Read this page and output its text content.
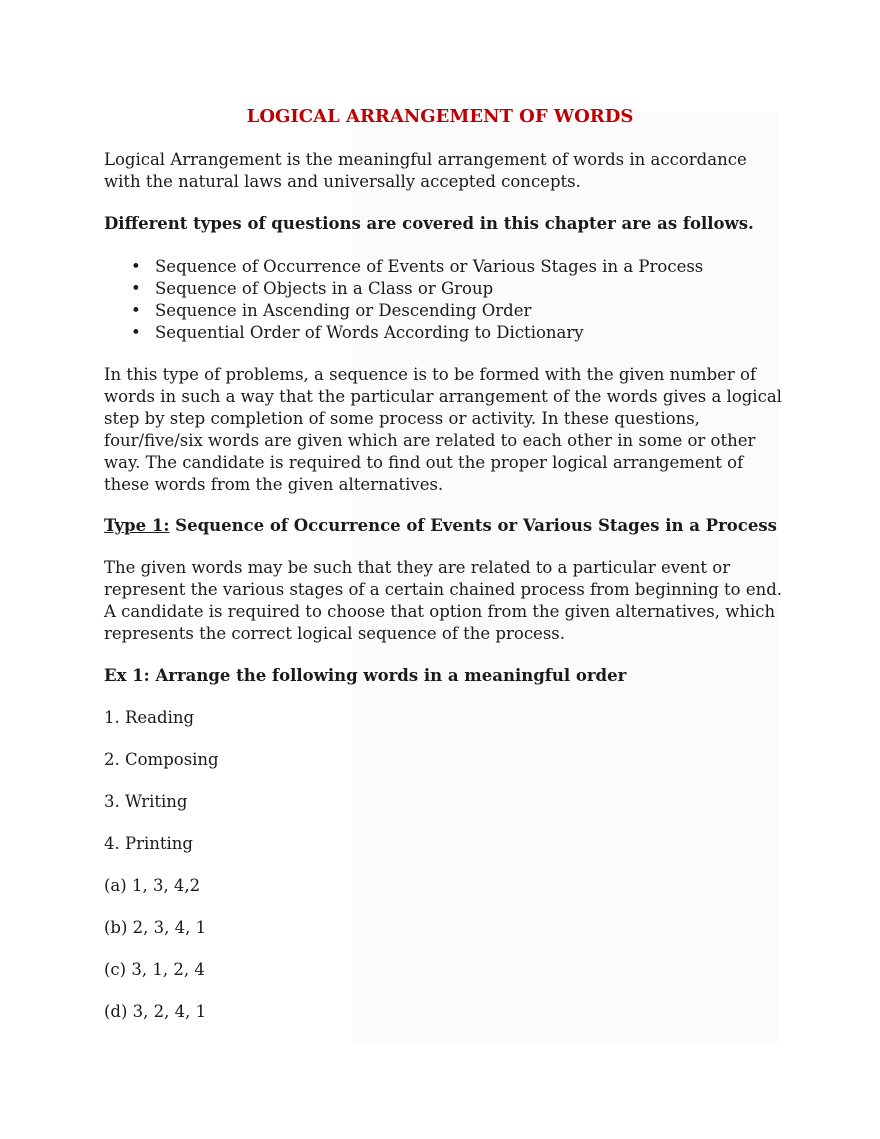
LOGICAL ARRANGEMENT OF WORDS

Logical Arrangement is the meaningful arrangement of words in accordance with the natural laws and universally accepted concepts.

Different types of questions are covered in this chapter are as follows.

• Sequence of Occurrence of Events or Various Stages in a Process
• Sequence of Objects in a Class or Group
• Sequence in Ascending or Descending Order
• Sequential Order of Words According to Dictionary

In this type of problems, a sequence is to be formed with the given number of words in such a way that the particular arrangement of the words gives a logical step by step completion of some process or activity. In these questions, four/five/six words are given which are related to each other in some or other way. The candidate is required to find out the proper logical arrangement of these words from the given alternatives.

Type 1: Sequence of Occurrence of Events or Various Stages in a Process

The given words may be such that they are related to a particular event or represent the various stages of a certain chained process from beginning to end. A candidate is required to choose that option from the given alternatives, which represents the correct logical sequence of the process.

Ex 1: Arrange the following words in a meaningful order

1. Reading

2. Composing

3. Writing

4. Printing

(a) 1, 3, 4,2

(b) 2, 3, 4, 1

(c) 3, 1, 2, 4

(d) 3, 2, 4, 1
